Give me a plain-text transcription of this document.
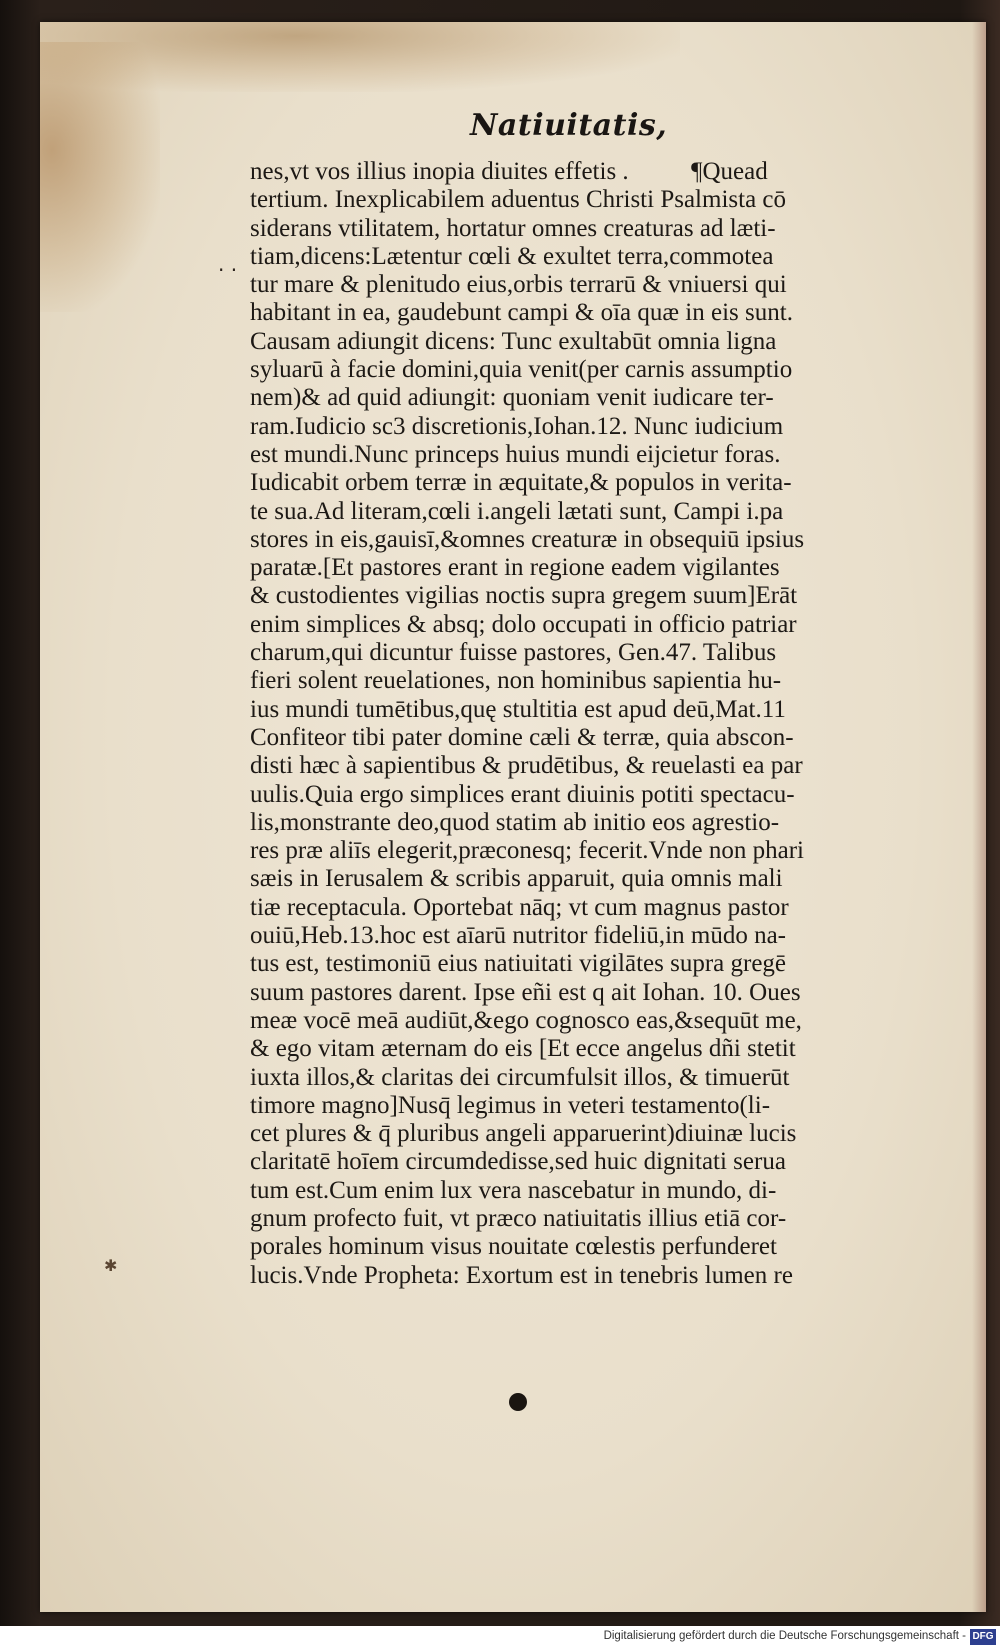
Natiuitatis,
· ·
✱
nes,vt vos illius inopia diuites effetis .          ¶Quead
tertium. Inexplicabilem aduentus Christi Psalmista cō
siderans vtilitatem, hortatur omnes creaturas ad læti-
tiam,dicens:Lætentur cœli & exultet terra,commotea
tur mare & plenitudo eius,orbis terrarū & vniuersi qui
habitant in ea, gaudebunt campi & oīa quæ in eis sunt.
Causam adiungit dicens: Tunc exultabūt omnia ligna
syluarū à facie domini,quia venit(per carnis assumptio
nem)& ad quid adiungit: quoniam venit iudicare ter-
ram.Iudicio sc3 discretionis,Iohan.12. Nunc iudicium
est mundi.Nunc princeps huius mundi eijcietur foras.
Iudicabit orbem terræ in æquitate,& populos in verita-
te sua.Ad literam,cœli i.angeli lætati sunt, Campi i.pa
stores in eis,gauisī,&omnes creaturæ in obsequiū ipsius
paratæ.[Et pastores erant in regione eadem vigilantes
& custodientes vigilias noctis supra gregem suum]Erāt
enim simplices & absq; dolo occupati in officio patriar
charum,qui dicuntur fuisse pastores, Gen.47. Talibus
fieri solent reuelationes, non hominibus sapientia hu-
ius mundi tumētibus,quę stultitia est apud deū,Mat.11
Confiteor tibi pater domine cæli & terræ, quia abscon-
disti hæc à sapientibus & prudētibus, & reuelasti ea par
uulis.Quia ergo simplices erant diuinis potiti spectacu-
lis,monstrante deo,quod statim ab initio eos agrestio-
res præ aliīs elegerit,præconesq; fecerit.Vnde non phari
sæis in Ierusalem & scribis apparuit, quia omnis mali
tiæ receptacula. Oportebat nāq; vt cum magnus pastor
ouiū,Heb.13.hoc est aīarū nutritor fideliū,in mūdo na-
tus est, testimoniū eius natiuitati vigilātes supra gregē
suum pastores darent. Ipse eñi est q ait Iohan. 10. Oues
meæ vocē meā audiūt,&ego cognosco eas,&sequūt me,
& ego vitam æternam do eis [Et ecce angelus dñi stetit
iuxta illos,& claritas dei circumfulsit illos, & timuerūt
timore magno]Nusq̄ legimus in veteri testamento(li-
cet plures & q̄ pluribus angeli apparuerint)diuinæ lucis
claritatē hoīem circumdedisse,sed huic dignitati serua
tum est.Cum enim lux vera nascebatur in mundo, di-
gnum profecto fuit, vt præco natiuitatis illius etiā cor-
porales hominum visus nouitate cœlestis perfunderet
lucis.Vnde Propheta: Exortum est in tenebris lumen re
Digitalisierung gefördert durch die Deutsche Forschungsgemeinschaft - DFG
